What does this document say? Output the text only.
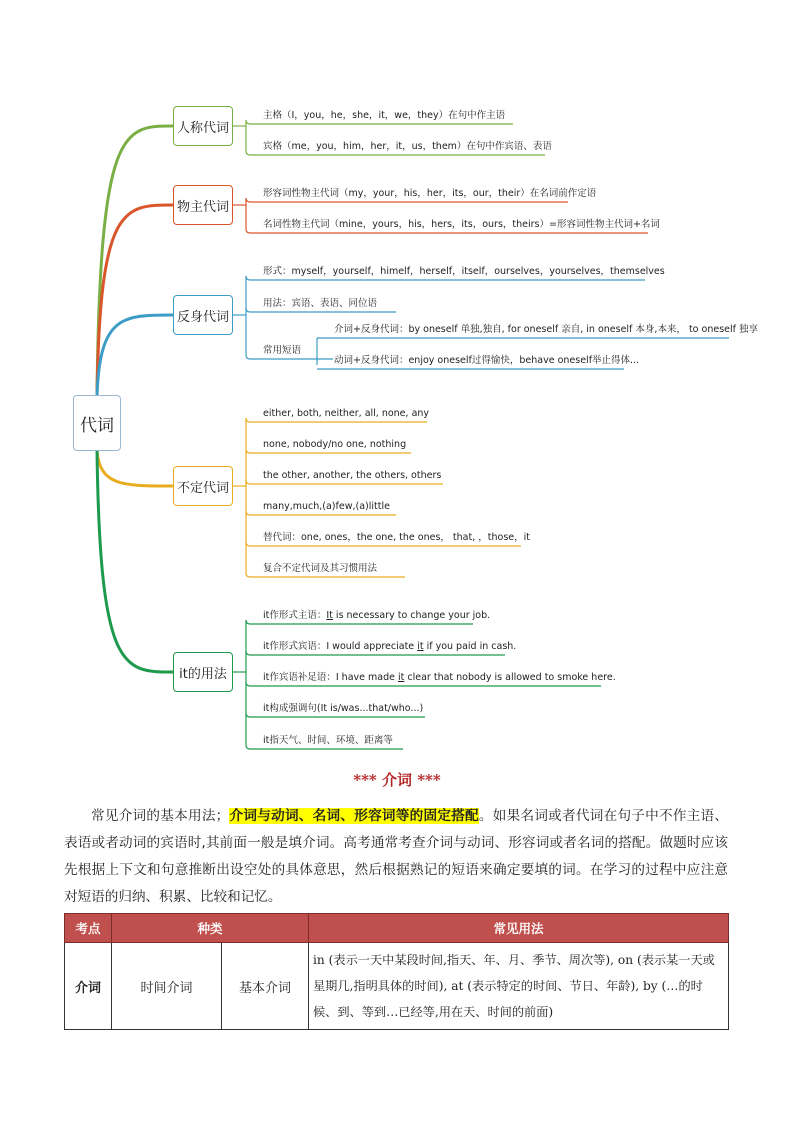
代词
人称代词
物主代词
反身代词
不定代词
it的用法
主格（I，you，he，she，it，we，they）在句中作主语
宾格（me，you，him，her，it，us，them）在句中作宾语、表语
形容词性物主代词（my，your，his，her，its，our，their）在名词前作定语
名词性物主代词（mine，yours，his，hers，its，ours，theirs）=形容词性物主代词+名词
形式：myself，yourself，himelf，herself，itself，ourselves，yourselves，themselves
用法：宾语、表语、同位语
常用短语
介词+反身代词：by oneself 单独,独自, for oneself 亲自, in oneself 本身,本来， to oneself 独享
动词+反身代词：enjoy oneself过得愉快，behave oneself举止得体...
either, both, neither, all, none, any
none, nobody/no one, nothing
the other, another, the others, others
many,much,(a)few,(a)little
替代词：one, ones，the one, the ones， that, ，those，it
复合不定代词及其习惯用法
it作形式主语：It is necessary to change your job.
it作形式宾语：I would appreciate it if you paid in cash.
it作宾语补足语：I have made it clear that nobody is allowed to smoke here.
it构成强调句(It is/was...that/who...)
it指天气、时间、环境、距离等
*** 介词 ***
常见介词的基本用法；介词与动词、名词、形容词等的固定搭配。如果名词或者代词在句子中不作主语、表语或者动词的宾语时,其前面一般是填介词。高考通常考查介词与动词、形容词或者名词的搭配。做题时应该先根据上下文和句意推断出设空处的具体意思，然后根据熟记的短语来确定要填的词。在学习的过程中应注意对短语的归纳、积累、比较和记忆。
考点	种类		常见用法
介词	时间介词	基本介词	in (表示一天中某段时间,指天、年、月、季节、周次等), on (表示某一天或星期几,指明具体的时间), at (表示特定的时间、节日、年龄), by (…的时候、到、等到…已经等,用在天、时间的前面)
